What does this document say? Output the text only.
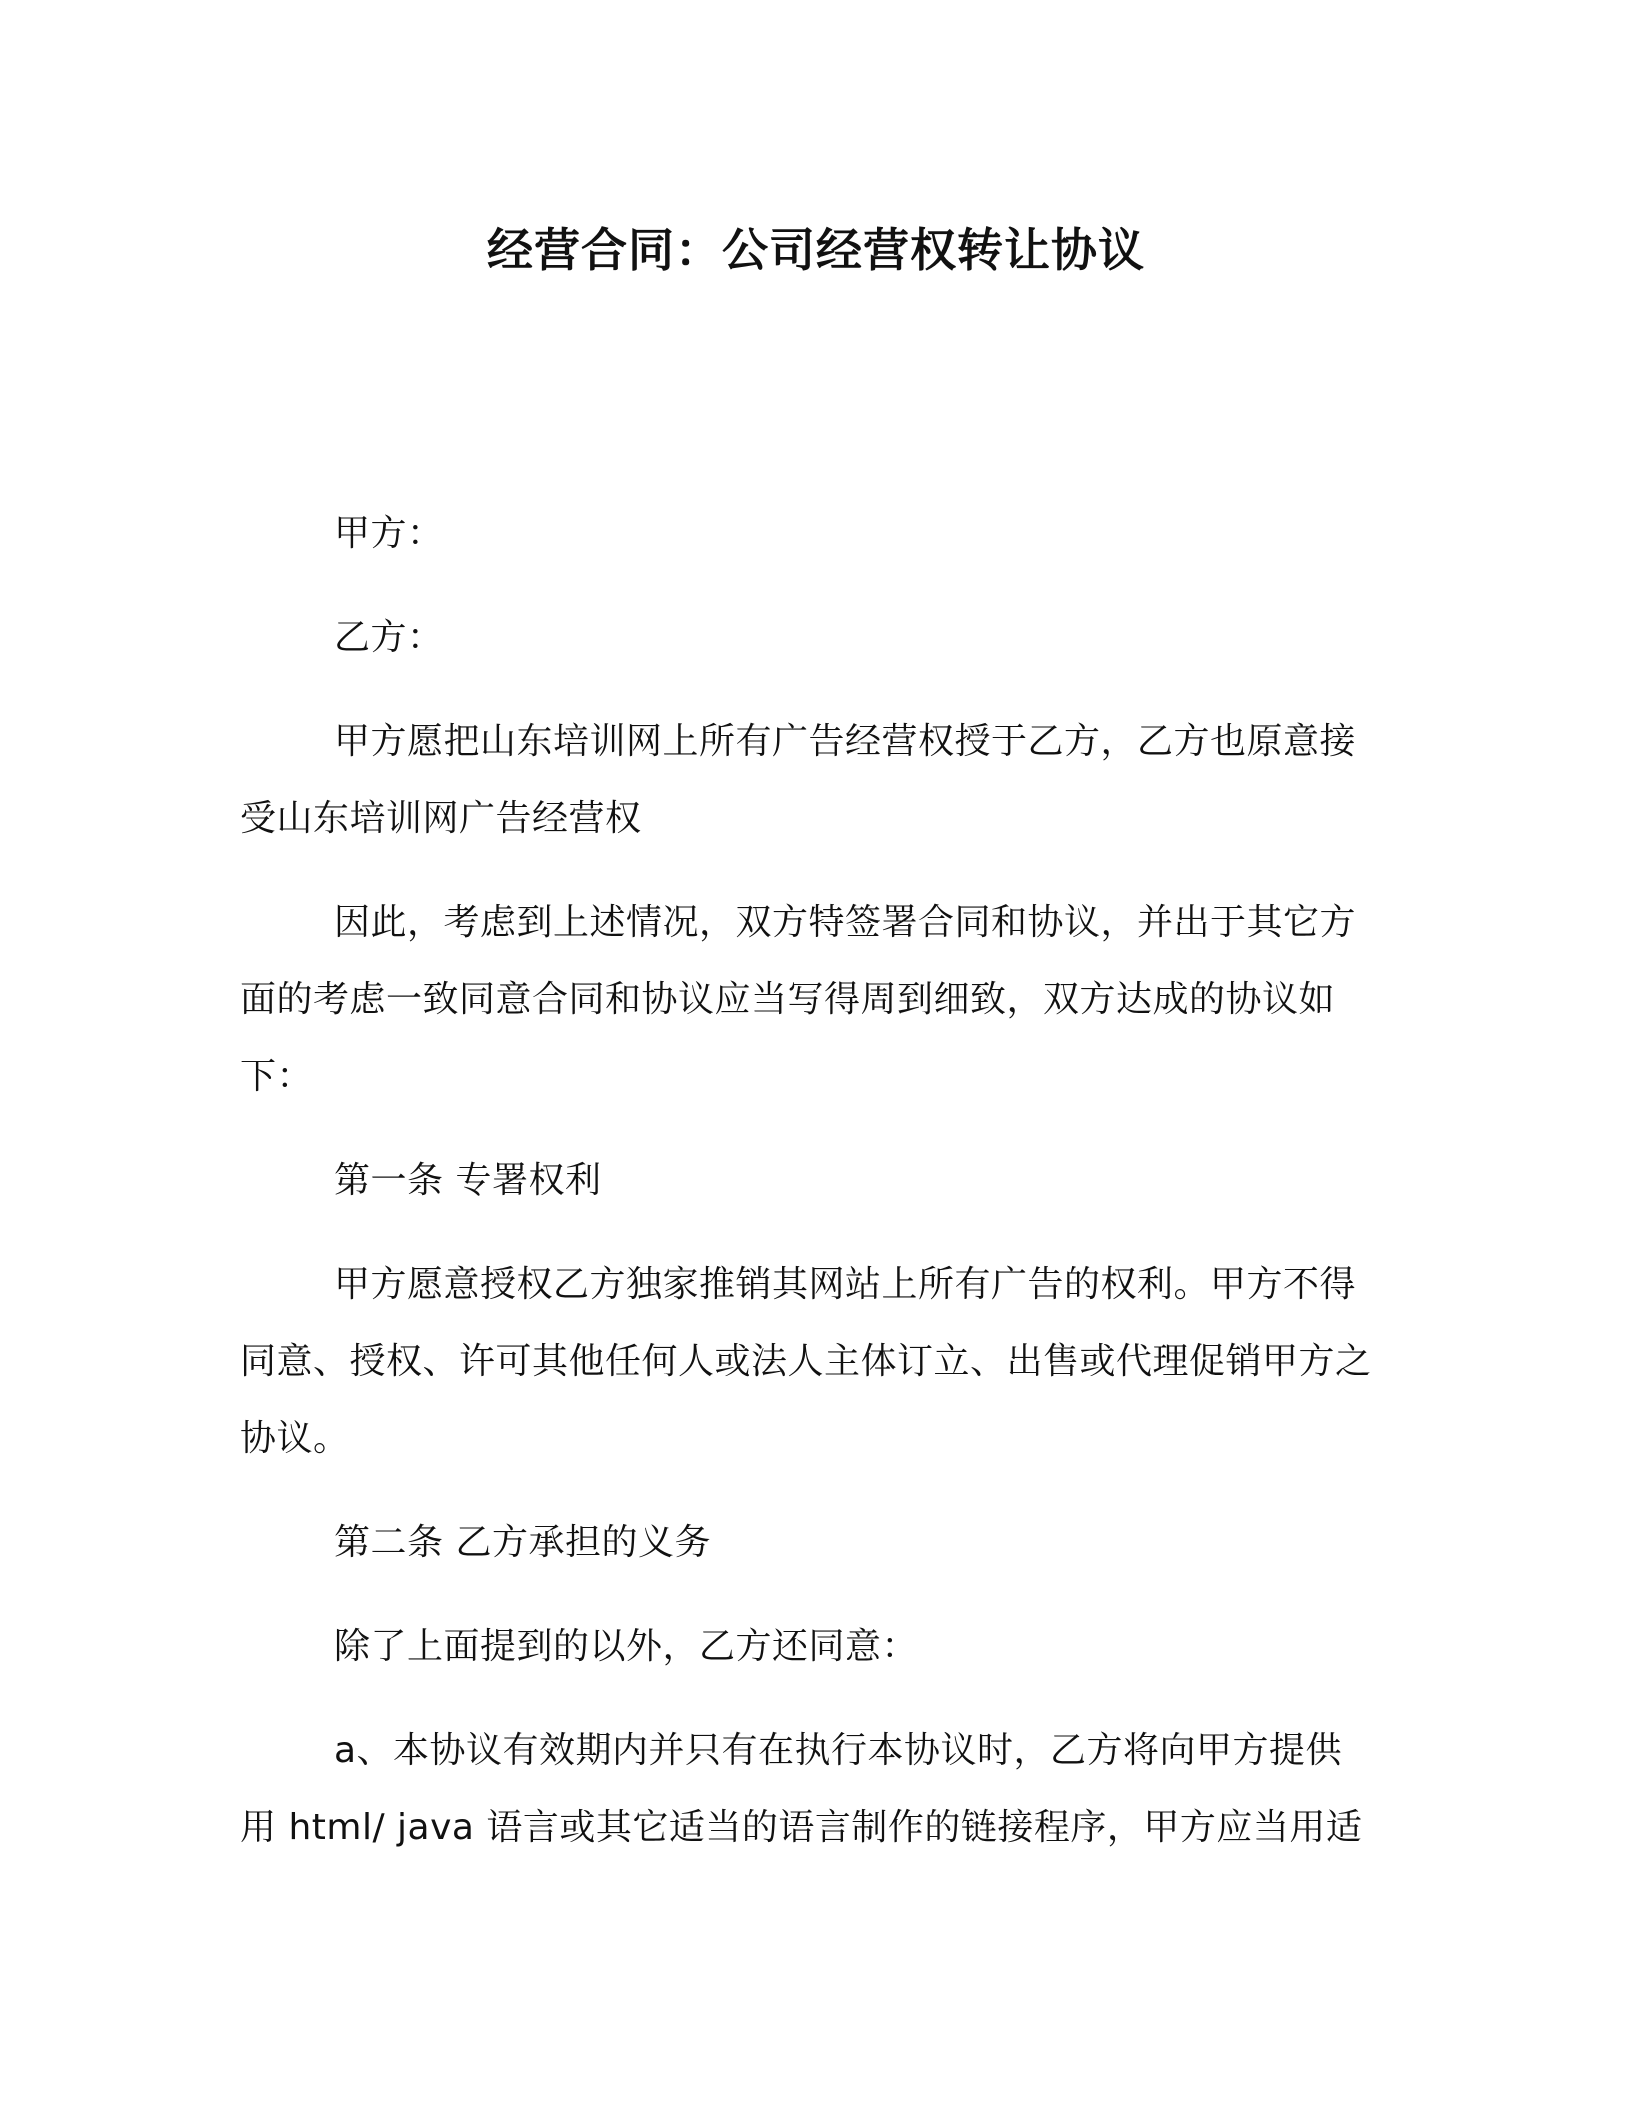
经营合同：公司经营权转让协议

甲方：

乙方：

甲方愿把山东培训网上所有广告经营权授于乙方，乙方也原意接受山东培训网广告经营权

因此，考虑到上述情况，双方特签署合同和协议，并出于其它方面的考虑一致同意合同和协议应当写得周到细致，双方达成的协议如下：

第一条 专署权利

甲方愿意授权乙方独家推销其网站上所有广告的权利。甲方不得同意、授权、许可其他任何人或法人主体订立、出售或代理促销甲方之协议。

第二条 乙方承担的义务

除了上面提到的以外，乙方还同意：

a、本协议有效期内并只有在执行本协议时，乙方将向甲方提供用 html/ java 语言或其它适当的语言制作的链接程序，甲方应当用适
